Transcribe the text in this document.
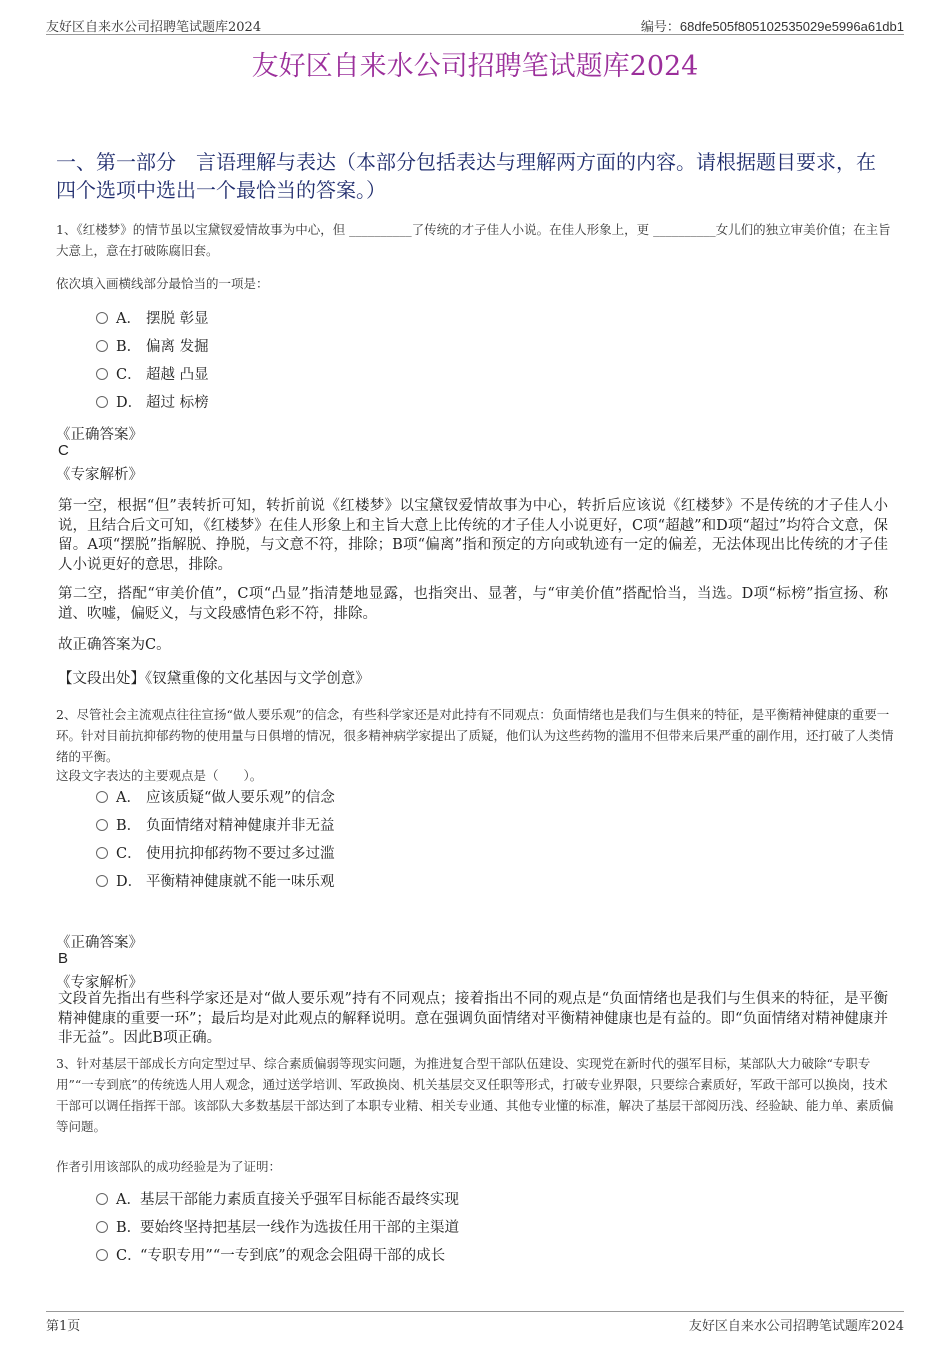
友好区自来水公司招聘笔试题库2024	编号：68dfe505f805102535029e5996a61db1
友好区自来水公司招聘笔试题库2024
一、第一部分　言语理解与表达（本部分包括表达与理解两方面的内容。请根据题目要求，在四个选项中选出一个最恰当的答案。）
1、《红楼梦》的情节虽以宝黛钗爱情故事为中心，但 __________了传统的才子佳人小说。在佳人形象上，更 __________女儿们的独立审美价值；在主旨大意上，意在打破陈腐旧套。
依次填入画横线部分最恰当的一项是：
A． 摆脱 彰显
B． 偏离 发掘
C． 超越 凸显
D． 超过 标榜
《正确答案》
C
《专家解析》
第一空，根据“但”表转折可知，转折前说《红楼梦》以宝黛钗爱情故事为中心，转折后应该说《红楼梦》不是传统的才子佳人小说，且结合后文可知，《红楼梦》在佳人形象上和主旨大意上比传统的才子佳人小说更好，C项“超越”和D项“超过”均符合文意，保留。A项“摆脱”指解脱、挣脱，与文意不符，排除；B项“偏离”指和预定的方向或轨迹有一定的偏差，无法体现出比传统的才子佳人小说更好的意思，排除。
第二空，搭配“审美价值”，C项“凸显”指清楚地显露，也指突出、显著，与“审美价值”搭配恰当，当选。D项“标榜”指宣扬、称道、吹嘘，偏贬义，与文段感情色彩不符，排除。
故正确答案为C。
【文段出处】《钗黛重像的文化基因与文学创意》
2、尽管社会主流观点往往宣扬“做人要乐观”的信念，有些科学家还是对此持有不同观点：负面情绪也是我们与生俱来的特征，是平衡精神健康的重要一环。针对目前抗抑郁药物的使用量与日俱增的情况，很多精神病学家提出了质疑，他们认为这些药物的滥用不但带来后果严重的副作用，还打破了人类情绪的平衡。
这段文字表达的主要观点是（　　）。
A． 应该质疑“做人要乐观”的信念
B． 负面情绪对精神健康并非无益
C． 使用抗抑郁药物不要过多过滥
D． 平衡精神健康就不能一味乐观
《正确答案》
B
《专家解析》
文段首先指出有些科学家还是对“做人要乐观”持有不同观点；接着指出不同的观点是“负面情绪也是我们与生俱来的特征，是平衡精神健康的重要一环”；最后均是对此观点的解释说明。意在强调负面情绪对平衡精神健康也是有益的。即“负面情绪对精神健康并非无益”。因此B项正确。
3、针对基层干部成长方向定型过早、综合素质偏弱等现实问题，为推进复合型干部队伍建设、实现党在新时代的强军目标，某部队大力破除“专职专用”“一专到底”的传统选人用人观念，通过送学培训、军政换岗、机关基层交叉任职等形式，打破专业界限，只要综合素质好，军政干部可以换岗，技术干部可以调任指挥干部。该部队大多数基层干部达到了本职专业精、相关专业通、其他专业懂的标准，解决了基层干部阅历浅、经验缺、能力单、素质偏等问题。
作者引用该部队的成功经验是为了证明：
A．基层干部能力素质直接关乎强军目标能否最终实现
B．要始终坚持把基层一线作为选拔任用干部的主渠道
C．“专职专用”“一专到底”的观念会阻碍干部的成长
第1页	友好区自来水公司招聘笔试题库2024
